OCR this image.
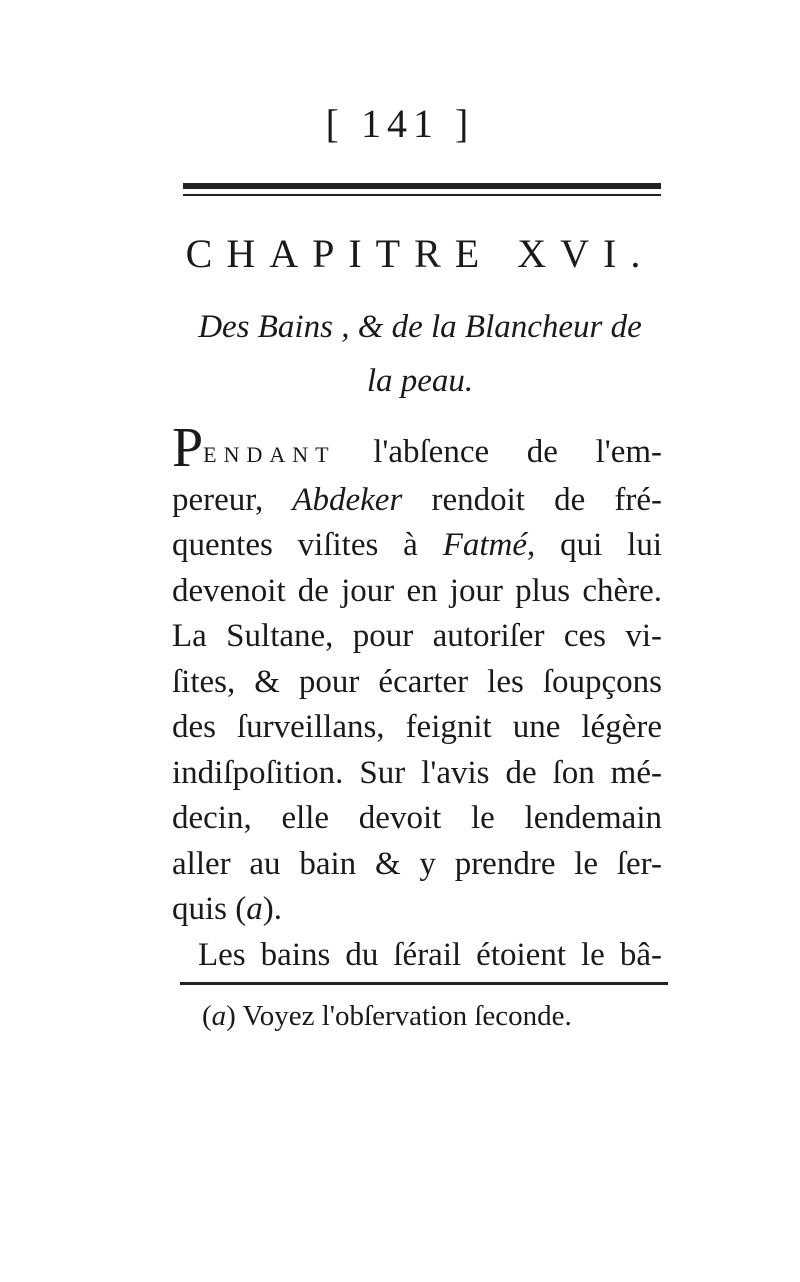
[ 141 ]
CHAPITRE XVI.
Des Bains , & de la Blancheur de
la peau.
PENDANT l'abſence de l'em-
pereur, Abdeker rendoit de fré-
quentes viſites à Fatmé, qui lui
devenoit de jour en jour plus chère.
La Sultane, pour autoriſer ces vi-
ſites, & pour écarter les ſoupçons
des ſurveillans, feignit une légère
indiſpoſition. Sur l'avis de ſon mé-
decin, elle devoit le lendemain
aller au bain & y prendre le ſer-
quis (a).
Les bains du ſérail étoient le bâ-
(a) Voyez l'obſervation ſeconde.
